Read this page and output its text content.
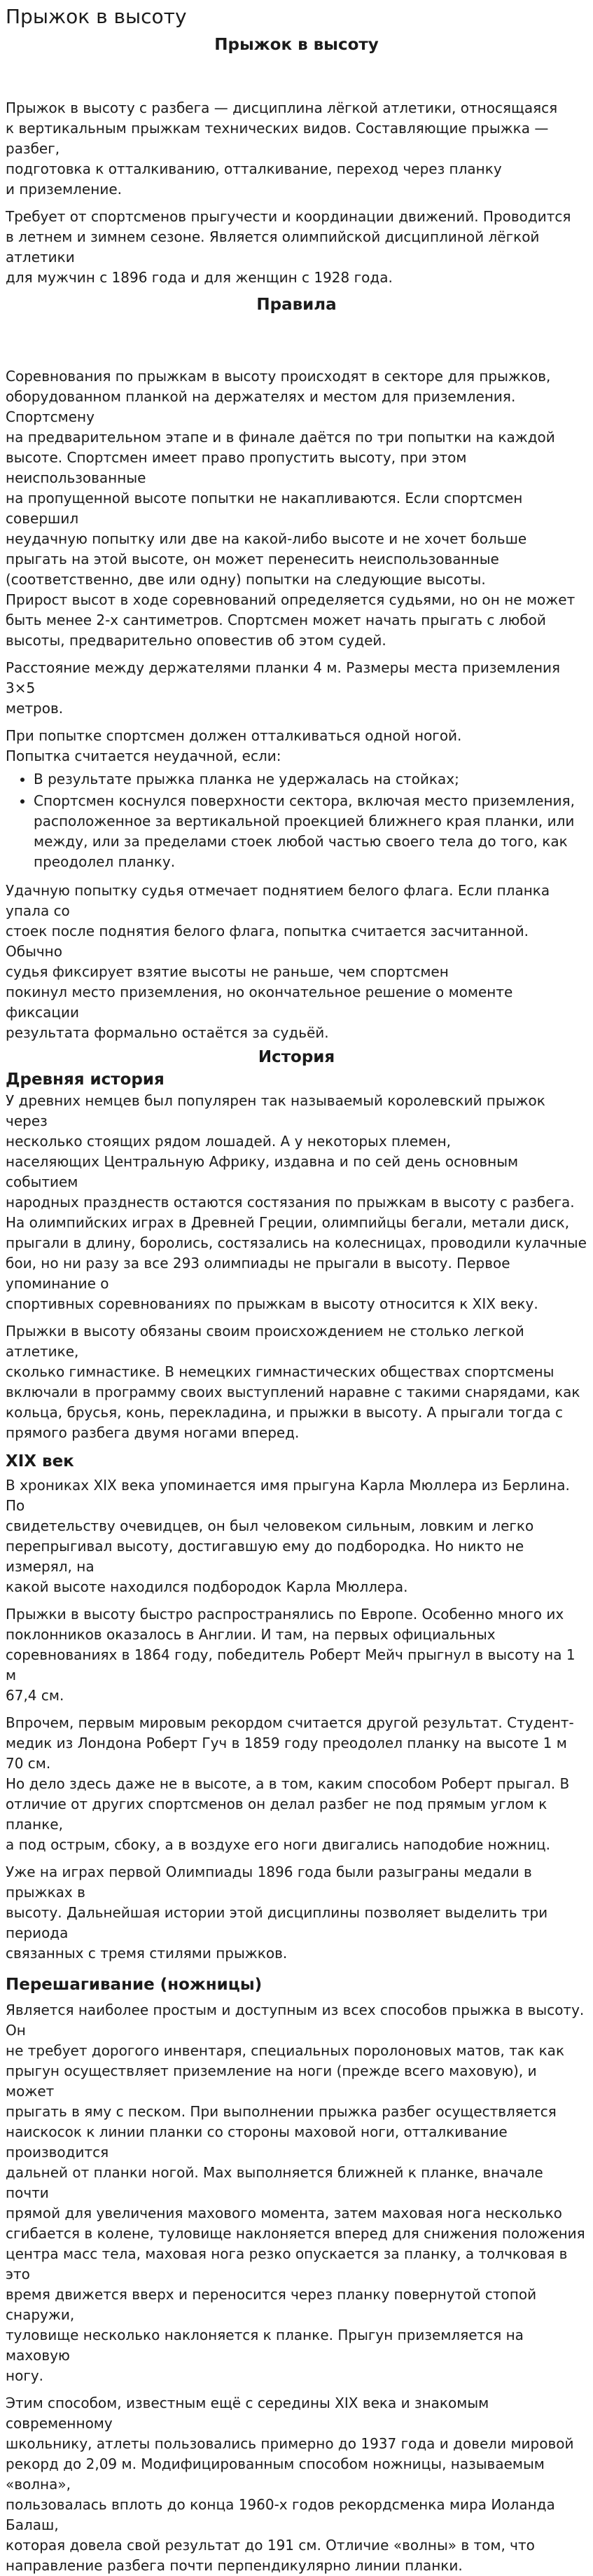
Прыжок в высоту
Прыжок в высоту

Прыжок в высоту с разбега — дисциплина лёгкой атлетики, относящаяся
к вертикальным прыжкам технических видов. Составляющие прыжка — разбег,
подготовка к отталкиванию, отталкивание, переход через планку
и приземление.

Требует от спортсменов прыгучести и координации движений. Проводится
в летнем и зимнем сезоне. Является олимпийской дисциплиной лёгкой атлетики
для мужчин с 1896 года и для женщин с 1928 года.

Правила

Соревнования по прыжкам в высоту происходят в секторе для прыжков,
оборудованном планкой на держателях и местом для приземления. Спортсмену
на предварительном этапе и в финале даётся по три попытки на каждой
высоте. Спортсмен имеет право пропустить высоту, при этом неиспользованные
на пропущенной высоте попытки не накапливаются. Если спортсмен совершил
неудачную попытку или две на какой-либо высоте и не хочет больше
прыгать на этой высоте, он может перенесить неиспользованные
(соответственно, две или одну) попытки на следующие высоты.
Прирост высот в ходе соревнований определяется судьями, но он не может
быть менее 2-х сантиметров. Спортсмен может начать прыгать с любой
высоты, предварительно оповестив об этом судей.

Расстояние между держателями планки 4 м. Размеры места приземления 3×5
метров.

При попытке спортсмен должен отталкиваться одной ногой.
Попытка считается неудачной, если:

• В результате прыжка планка не удержалась на стойках;
• Спортсмен коснулся поверхности сектора, включая место приземления, расположенное за вертикальной проекцией ближнего края планки, или между, или за пределами стоек любой частью своего тела до того, как преодолел планку.

Удачную попытку судья отмечает поднятием белого флага. Если планка упала со
стоек после поднятия белого флага, попытка считается засчитанной. Обычно
судья фиксирует взятие высоты не раньше, чем спортсмен
покинул место приземления, но окончательное решение о моменте фиксации
результата формально остаётся за судьёй.

История
Древняя история

У древних немцев был популярен так называемый королевский прыжок через
несколько стоящих рядом лошадей. А у некоторых племен,
населяющих Центральную Африку, издавна и по сей день основным событием
народных празднеств остаются состязания по прыжкам в высоту с разбега.
На олимпийских играх в Древней Греции, олимпийцы бегали, метали диск,
прыгали в длину, боролись, состязались на колесницах, проводили кулачные
бои, но ни разу за все 293 олимпиады не прыгали в высоту. Первое упоминание о
спортивных соревнованиях по прыжкам в высоту относится к XIX веку.

Прыжки в высоту обязаны своим происхождением не столько легкой атлетике,
сколько гимнастике. В немецких гимнастических обществах спортсмены
включали в программу своих выступлений наравне с такими снарядами, как
кольца, брусья, конь, перекладина, и прыжки в высоту. А прыгали тогда с
прямого разбега двумя ногами вперед.

XIX век

В хрониках XIX века упоминается имя прыгуна Карла Мюллера из Берлина. По
свидетельству очевидцев, он был человеком сильным, ловким и легко
перепрыгивал высоту, достигавшую ему до подбородка. Но никто не измерял, на
какой высоте находился подбородок Карла Мюллера.

Прыжки в высоту быстро распространялись по Европе. Особенно много их
поклонников оказалось в Англии. И там, на первых официальных
соревнованиях в 1864 году, победитель Роберт Мейч прыгнул в высоту на 1 м
67,4 см.

Впрочем, первым мировым рекордом считается другой результат. Студент-
медик из Лондона Роберт Гуч в 1859 году преодолел планку на высоте 1 м 70 см.
Но дело здесь даже не в высоте, а в том, каким способом Роберт прыгал. В
отличие от других спортсменов он делал разбег не под прямым углом к планке,
а под острым, сбоку, а в воздухе его ноги двигались наподобие ножниц.

Уже на играх первой Олимпиады 1896 года были разыграны медали в прыжках в
высоту. Дальнейшая истории этой дисциплины позволяет выделить три периода
связанных с тремя стилями прыжков.

Перешагивание (ножницы)

Является наиболее простым и доступным из всех способов прыжка в высоту. Он
не требует дорогого инвентаря, специальных поролоновых матов, так как
прыгун осуществляет приземление на ноги (прежде всего маховую), и может
прыгать в яму с песком. При выполнении прыжка разбег осуществляется
наискосок к линии планки со стороны маховой ноги, отталкивание производится
дальней от планки ногой. Мах выполняется ближней к планке, вначале почти
прямой для увеличения махового момента, затем маховая нога несколько
сгибается в колене, туловище наклоняется вперед для снижения положения
центра масс тела, маховая нога резко опускается за планку, а толчковая в это
время движется вверх и переносится через планку повернутой стопой снаружи,
туловище несколько наклоняется к планке. Прыгун приземляется на маховую
ногу.

Этим способом, известным ещё с середины XIX века и знакомым современному
школьнику, атлеты пользовались примерно до 1937 года и довели мировой
рекорд до 2,09 м. Модифицированным способом ножницы, называемым «волна»,
пользовалась вплоть до конца 1960-х годов рекордсменка мира Иоланда Балаш,
которая довела свой результат до 191 см. Отличие «волны» в том, что
направление разбега почти перпендикулярно линии планки.
